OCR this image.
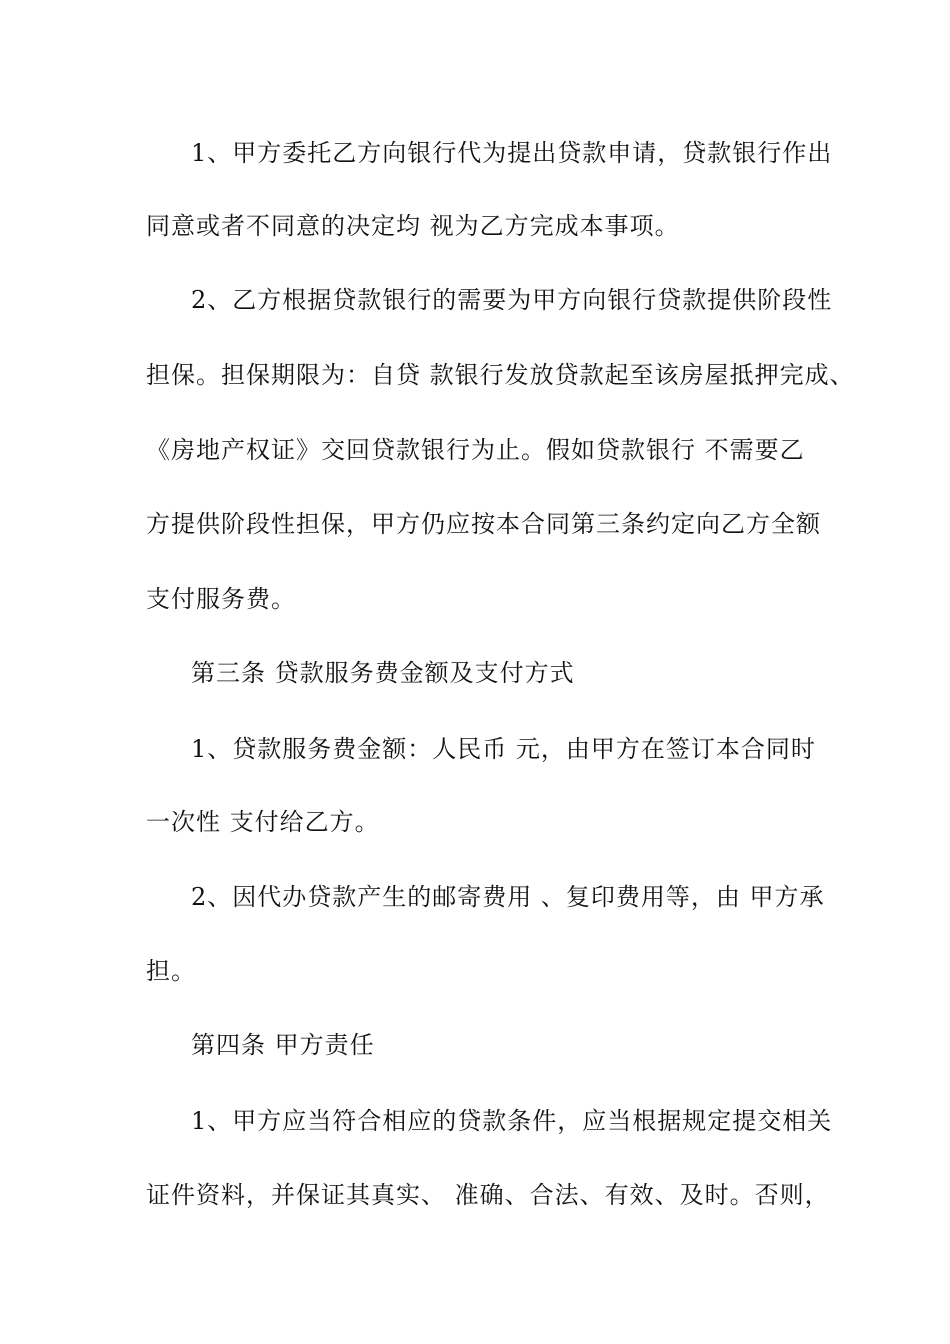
1、甲方委托乙方向银行代为提出贷款申请，贷款银行作出
同意或者不同意的决定均 视为乙方完成本事项。
2、乙方根据贷款银行的需要为甲方向银行贷款提供阶段性
担保。担保期限为：自贷 款银行发放贷款起至该房屋抵押完成、
《房地产权证》交回贷款银行为止。假如贷款银行 不需要乙
方提供阶段性担保，甲方仍应按本合同第三条约定向乙方全额
支付服务费。
第三条 贷款服务费金额及支付方式
1、贷款服务费金额：人民币 元，由甲方在签订本合同时
一次性 支付给乙方。
2、因代办贷款产生的邮寄费用 、复印费用等，由 甲方承
担。
第四条 甲方责任
1、甲方应当符合相应的贷款条件，应当根据规定提交相关
证件资料，并保证其真实、 准确、合法、有效、及时。否则，
